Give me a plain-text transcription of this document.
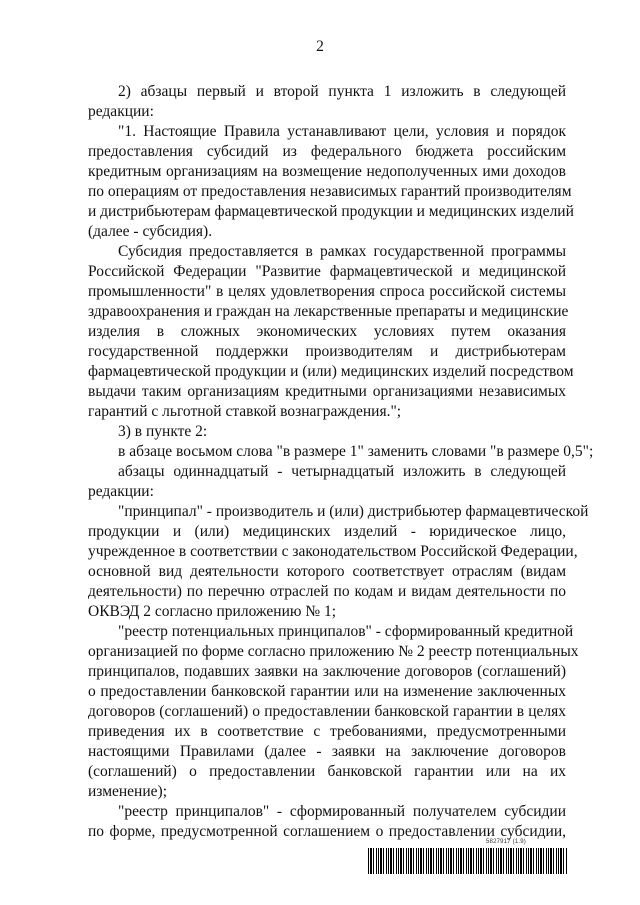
2
2) абзацы первый и второй пункта 1 изложить в следующей
редакции:
"1. Настоящие Правила устанавливают цели, условия и порядок
предоставления субсидий из федерального бюджета российским
кредитным организациям на возмещение недополученных ими доходов
по операциям от предоставления независимых гарантий производителям
и дистрибьютерам фармацевтической продукции и медицинских изделий
(далее - субсидия).
Субсидия предоставляется в рамках государственной программы
Российской Федерации "Развитие фармацевтической и медицинской
промышленности" в целях удовлетворения спроса российской системы
здравоохранения и граждан на лекарственные препараты и медицинские
изделия в сложных экономических условиях путем оказания
государственной поддержки производителям и дистрибьютерам
фармацевтической продукции и (или) медицинских изделий посредством
выдачи таким организациям кредитными организациями независимых
гарантий с льготной ставкой вознаграждения.";
3) в пункте 2:
в абзаце восьмом слова "в размере 1" заменить словами "в размере 0,5";
абзацы одиннадцатый - четырнадцатый изложить в следующей
редакции:
"принципал" - производитель и (или) дистрибьютер фармацевтической
продукции и (или) медицинских изделий - юридическое лицо,
учрежденное в соответствии с законодательством Российской Федерации,
основной вид деятельности которого соответствует отраслям (видам
деятельности) по перечню отраслей по кодам и видам деятельности по
ОКВЭД 2 согласно приложению № 1;
"реестр потенциальных принципалов" - сформированный кредитной
организацией по форме согласно приложению № 2 реестр потенциальных
принципалов, подавших заявки на заключение договоров (соглашений)
о предоставлении банковской гарантии или на изменение заключенных
договоров (соглашений) о предоставлении банковской гарантии в целях
приведения их в соответствие с требованиями, предусмотренными
настоящими Правилами (далее - заявки на заключение договоров
(соглашений) о предоставлении банковской гарантии или на их
изменение);
"реестр принципалов" - сформированный получателем субсидии
по форме, предусмотренной соглашением о предоставлении субсидии,
5827917 (1.9)
